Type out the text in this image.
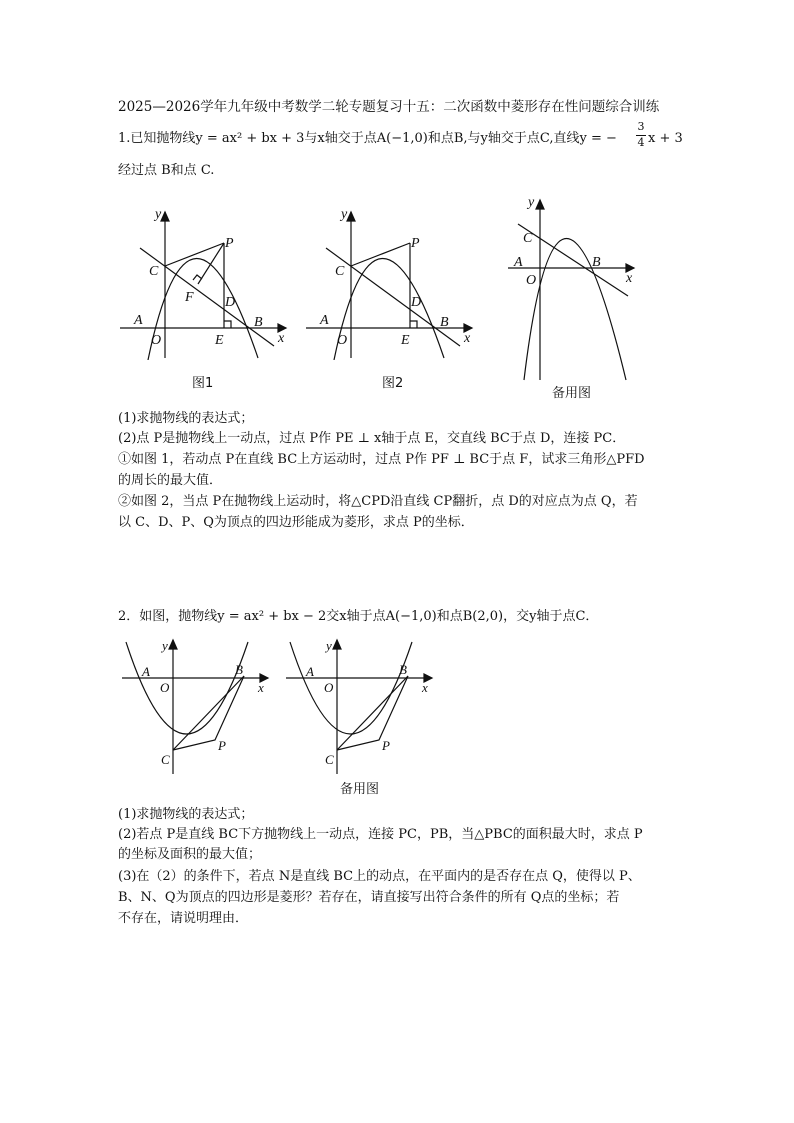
2025—2026学年九年级中考数学二轮专题复习十五：二次函数中菱形存在性问题综合训练
1.已知抛物线y = ax² + bx + 3与x轴交于点A(−1,0)和点B,与y轴交于点C,直线y = −
3
4 x + 3
经过点 B和点 C.
y
x
O
A	B
C
P
D
E
F
图1
y
x
O
A	B
C
P
D
E
图2
y
x
O
A	B
C
备用图
(1)求抛物线的表达式；
(2)点 P是抛物线上一动点，过点 P作 PE ⊥ x轴于点 E，交直线 BC于点 D，连接 PC．
①如图 1，若动点 P在直线 BC上方运动时，过点 P作 PF ⊥ BC于点 F，试求三角形△PFD
的周长的最大值．
②如图 2，当点 P在抛物线上运动时，将△CPD沿直线 CP翻折，点 D的对应点为点 Q，若
以 C、D、P、Q为顶点的四边形能成为菱形，求点 P的坐标．
2．如图，抛物线y = ax² + bx − 2交x轴于点A(−1,0)和点B(2,0)，交y轴于点C．
y
x
O
A	B
C
P
y
x
O
A	B
C
P
备用图
(1)求抛物线的表达式；
(2)若点 P是直线 BC下方抛物线上一动点，连接 PC，PB，当△PBC的面积最大时，求点 P
的坐标及面积的最大值；
(3)在（2）的条件下，若点 N是直线 BC上的动点，在平面内的是否存在点 Q，使得以 P、
B、N、Q为顶点的四边形是菱形？若存在，请直接写出符合条件的所有 Q点的坐标；若
不存在，请说明理由．
